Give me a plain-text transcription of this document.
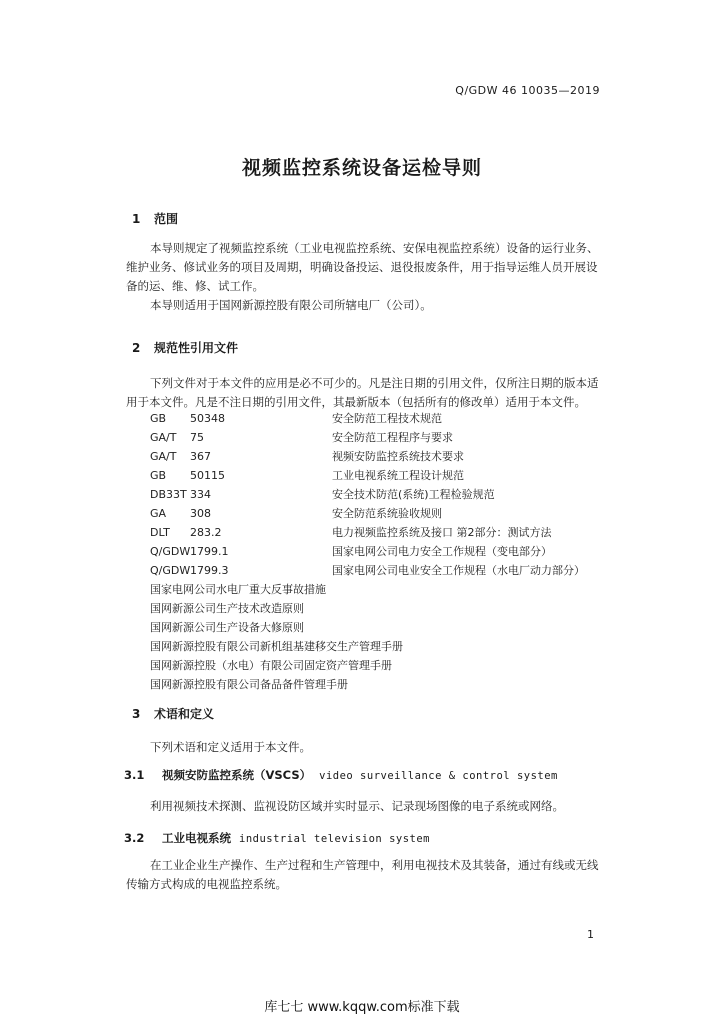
Q/GDW 46 10035—2019
视频监控系统设备运检导则
1 范围

本导则规定了视频监控系统（工业电视监控系统、安保电视监控系统）设备的运行业务、维护业务、修试业务的项目及周期，明确设备投运、退役报废条件，用于指导运维人员开展设备的运、维、修、试工作。

本导则适用于国网新源控股有限公司所辖电厂（公司）。

2 规范性引用文件

下列文件对于本文件的应用是必不可少的。凡是注日期的引用文件，仅所注日期的版本适用于本文件。凡是不注日期的引用文件，其最新版本（包括所有的修改单）适用于本文件。

GB 50348	安全防范工程技术规范
GA/T 75	安全防范工程程序与要求
GA/T 367	视频安防监控系统技术要求
GB 50115	工业电视系统工程设计规范
DB33T 334	安全技术防范(系统)工程检验规范
GA 308	安全防范系统验收规则
DLT 283.2	电力视频监控系统及接口 第2部分：测试方法
Q/GDW 1799.1	国家电网公司电力安全工作规程（变电部分）
Q/GDW 1799.3	国家电网公司电业安全工作规程（水电厂动力部分）
国家电网公司水电厂重大反事故措施
国网新源公司生产技术改造原则
国网新源公司生产设备大修原则
国网新源控股有限公司新机组基建移交生产管理手册
国网新源控股（水电）有限公司固定资产管理手册
国网新源控股有限公司备品备件管理手册
3 术语和定义

下列术语和定义适用于本文件。

3.1 视频安防监控系统（VSCS） video surveillance & control system

利用视频技术探测、监视设防区域并实时显示、记录现场图像的电子系统或网络。

3.2 工业电视系统 industrial television system

在工业企业生产操作、生产过程和生产管理中，利用电视技术及其装备，通过有线或无线传输方式构成的电视监控系统。

1
库七七 www.kqqw.com标准下载
